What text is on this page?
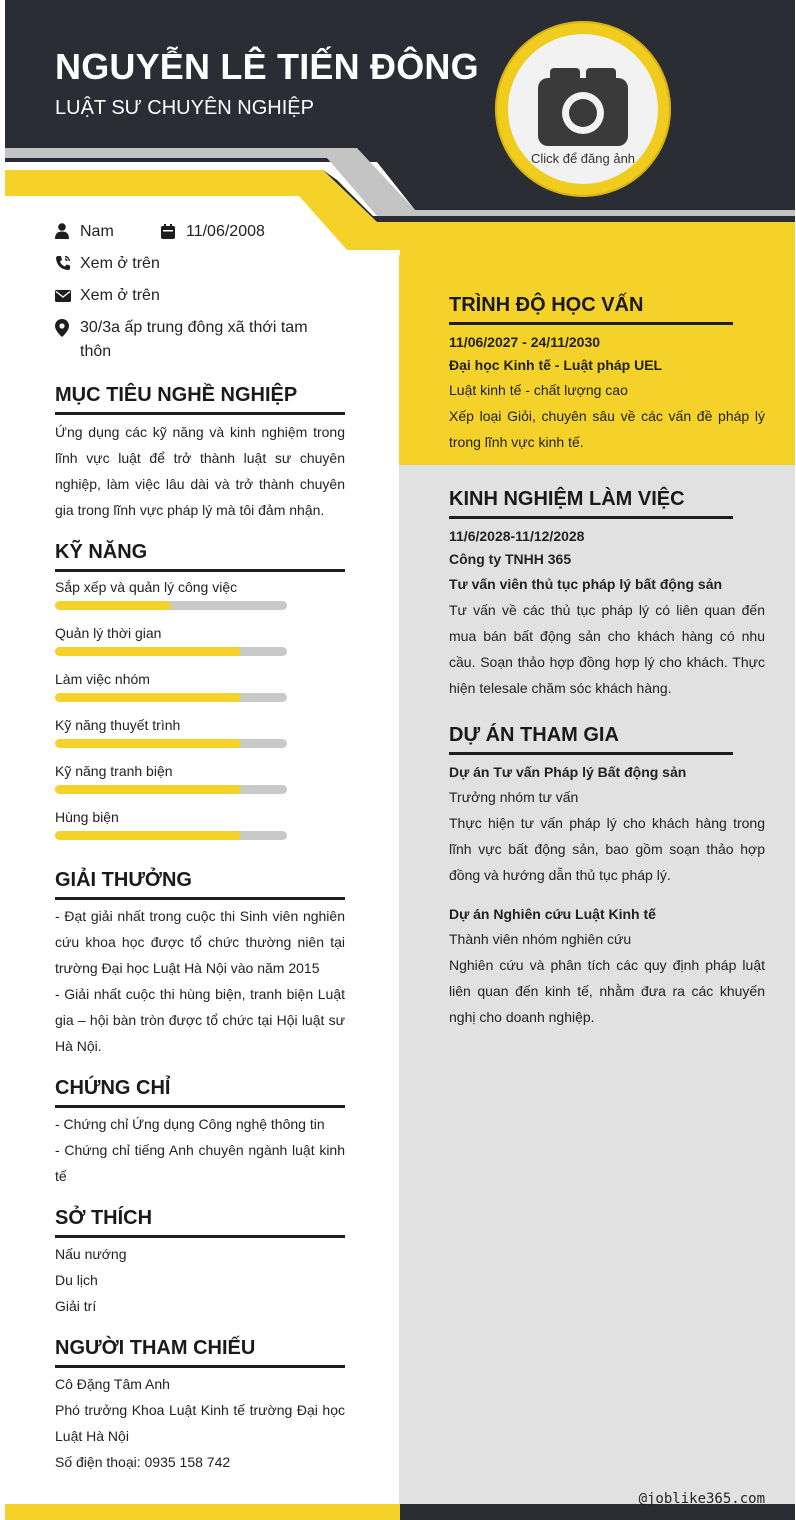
NGUYỄN LÊ TIẾN ĐÔNG
LUẬT SƯ CHUYÊN NGHIỆP
Click để đăng ảnh
Nam	11/06/2008
Xem ở trên
Xem ở trên
30/3a ấp trung đông xã thới tam
thôn
MỤC TIÊU NGHỀ NGHIỆP
Ứng dụng các kỹ năng và kinh nghiệm trong lĩnh vực luật để trở thành luật sư chuyên nghiệp, làm việc lâu dài và trở thành chuyên gia trong lĩnh vực pháp lý mà tôi đảm nhận.
KỸ NĂNG
Sắp xếp và quản lý công việc
Quản lý thời gian
Làm việc nhóm
Kỹ năng thuyết trình
Kỹ năng tranh biện
Hùng biện
GIẢI THƯỞNG
- Đạt giải nhất trong cuộc thi Sinh viên nghiên cứu khoa học được tổ chức thường niên tại trường Đại học Luật Hà Nội vào năm 2015
- Giải nhất cuộc thi hùng biện, tranh biện Luật gia – hội bàn tròn được tổ chức tại Hội luật sư Hà Nội.
CHỨNG CHỈ
- Chứng chỉ Ứng dụng Công nghệ thông tin
- Chứng chỉ tiếng Anh chuyên ngành luật kinh tế
SỞ THÍCH
Nấu nướng
Du lịch
Giải trí
NGƯỜI THAM CHIẾU
Cô Đặng Tâm Anh
Phó trưởng Khoa Luật Kinh tế trường Đại học Luật Hà Nội
Số điện thoại: 0935 158 742
TRÌNH ĐỘ HỌC VẤN
11/06/2027 - 24/11/2030
Đại học Kinh tế - Luật pháp UEL
Luật kinh tế - chất lượng cao
Xếp loại Giỏi, chuyên sâu về các vấn đề pháp lý trong lĩnh vực kinh tế.
KINH NGHIỆM LÀM VIỆC
11/6/2028-11/12/2028
Công ty TNHH 365
Tư vấn viên thủ tục pháp lý bất động sản
Tư vấn về các thủ tục pháp lý có liên quan đến mua bán bất động sản cho khách hàng có nhu cầu. Soạn thảo hợp đồng hợp lý cho khách. Thực hiện telesale chăm sóc khách hàng.
DỰ ÁN THAM GIA
Dự án Tư vấn Pháp lý Bất động sản
Trưởng nhóm tư vấn
Thực hiện tư vấn pháp lý cho khách hàng trong lĩnh vực bất động sản, bao gồm soạn thảo hợp đồng và hướng dẫn thủ tục pháp lý.
Dự án Nghiên cứu Luật Kinh tế
Thành viên nhóm nghiên cứu
Nghiên cứu và phân tích các quy định pháp luật liên quan đến kinh tế, nhằm đưa ra các khuyến nghị cho doanh nghiệp.
@joblike365.com
